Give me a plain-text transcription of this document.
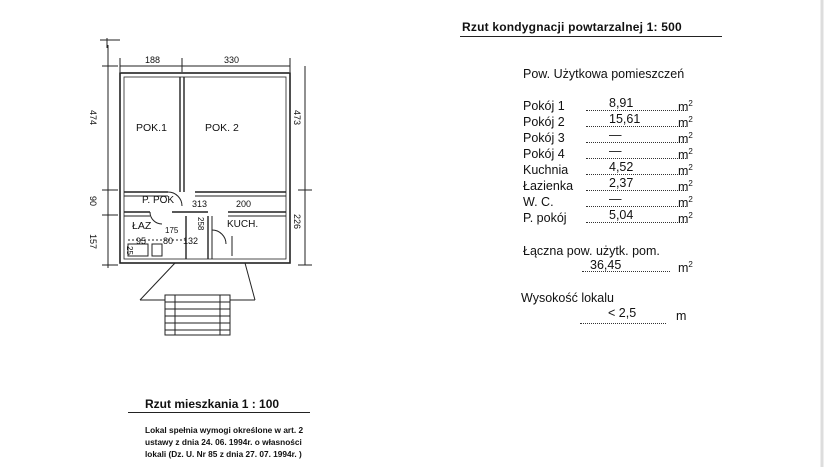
POK.1	POK. 2
P. POK
ŁAZ	KUCH.
188	330
474	473
90
157
313	200
258	226
175
95 80 132
25
Rzut kondygnacji powtarzalnej 1: 500
Pow. Użytkowa pomieszczeń
Pokój 1	8,91	$m^2$
Pokój 2	15,61	$m^2$
Pokój 3	—	$m^2$
Pokój 4	—	$m^2$
Kuchnia	4,52	$m^2$
Łazienka	2,37	$m^2$
W. C.	—	$m^2$
P. pokój	5,04	$m^2$
Łączna pow. użytk. pom.
36,45	$m^2$
Wysokość lokalu
< 2,5	m
Rzut mieszkania 1 : 100
Lokal spełnia wymogi określone w art. 2
ustawy z dnia 24. 06. 1994r. o własności
lokali (Dz. U. Nr 85 z dnia 27. 07. 1994r. )
